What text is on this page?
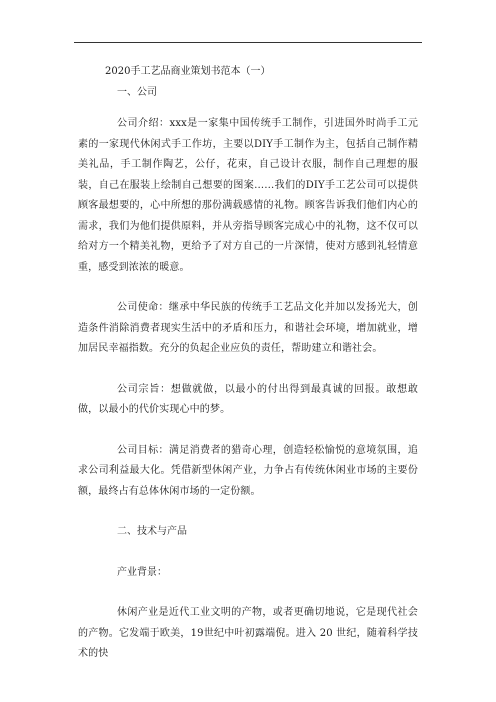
2020手工艺品商业策划书范本（一）

一、公司

公司介绍：xxx是一家集中国传统手工制作，引进国外时尚手工元素的一家现代休闲式手工作坊，主要以DIY手工制作为主，包括自己制作精美礼品，手工制作陶艺，公仔，花束，自己设计衣服，制作自己理想的服装，自己在服装上绘制自己想要的图案……我们的DIY手工艺公司可以提供顾客最想要的，心中所想的那份满载感情的礼物。顾客告诉我们他们内心的需求，我们为他们提供原料，并从旁指导顾客完成心中的礼物，这不仅可以给对方一个精美礼物，更给予了对方自己的一片深情，使对方感到礼轻情意重，感受到浓浓的暖意。

公司使命：继承中华民族的传统手工艺品文化并加以发扬光大，创造条件消除消费者现实生活中的矛盾和压力，和谐社会环境，增加就业，增加居民幸福指数。充分的负起企业应负的责任，帮助建立和谐社会。

公司宗旨：想做就做，以最小的付出得到最真诚的回报。敢想敢做，以最小的代价实现心中的梦。

公司目标：满足消费者的猎奇心理，创造轻松愉悦的意境氛围，追求公司利益最大化。凭借新型休闲产业，力争占有传统休闲业市场的主要份额，最终占有总体休闲市场的一定份额。

二、技术与产品

产业背景：

休闲产业是近代工业文明的产物，或者更确切地说，它是现代社会的产物。它发端于欧美，19世纪中叶初露端倪。进入 20 世纪，随着科学技术的快
